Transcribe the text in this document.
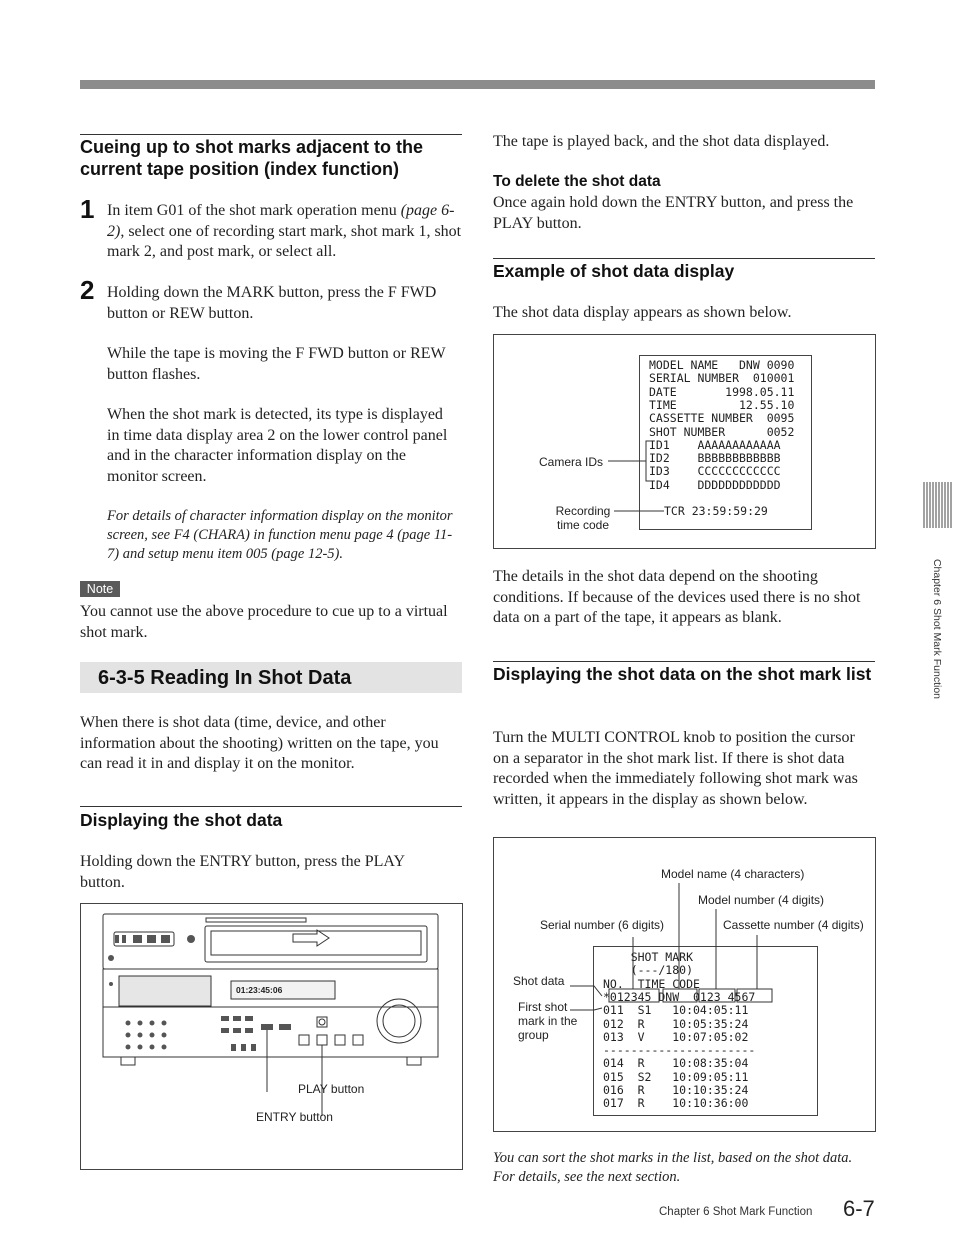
Cueing up to shot marks adjacent to the current tape position (index function)
1 In item G01 of the shot mark operation menu (page 6-2), select one of recording start mark, shot mark 1, shot mark 2, and post mark, or select all.
2 Holding down the MARK button, press the F FWD button or REW button.
While the tape is moving the F FWD button or REW button flashes.
When the shot mark is detected, its type is displayed in time data display area 2 on the lower control panel and in the character information display on the monitor screen.
For details of character information display on the monitor screen, see F4 (CHARA) in function menu page 4 (page 11-7) and setup menu item 005 (page 12-5).
Note
You cannot use the above procedure to cue up to a virtual shot mark.
6-3-5 Reading In Shot Data
When there is shot data (time, device, and other information about the shooting) written on the tape, you can read it in and display it on the monitor.
Displaying the shot data
Holding down the ENTRY button, press the PLAY button.
01:23:45:06
PLAY button
ENTRY button
The tape is played back, and the shot data displayed.
To delete the shot data
Once again hold down the ENTRY button, and press the PLAY button.
Example of shot data display
The shot data display appears as shown below.
MODEL NAME   DNW 0090
SERIAL NUMBER  010001
DATE       1998.05.11
TIME         12.55.10
CASSETTE NUMBER  0095
SHOT NUMBER      0052
ID1    AAAAAAAAAAAA
ID2    BBBBBBBBBBBB
ID3    CCCCCCCCCCCC
ID4    DDDDDDDDDDDD
TCR 23:59:59:29
Camera IDs
Recording time code
The details in the shot data depend on the shooting conditions. If because of the devices used there is no shot data on a part of the tape, it appears as blank.
Displaying the shot data on the shot mark list
Turn the MULTI CONTROL knob to position the cursor on a separator in the shot mark list. If there is shot data recorded when the immediately following shot mark was written, it appears in the display as shown below.
SHOT MARK
(---/180)
NO.  TIME CODE
*012345 DNW  0123 4567
011  S1   10:04:05:11
012  R    10:05:35:24
013  V    10:07:05:02
----------------------
014  R    10:08:35:04
015  S2   10:09:05:11
016  R    10:10:35:24
017  R    10:10:36:00
Model name (4 characters)
Model number (4 digits)
Serial number (6 digits)	Cassette number (4 digits)
Shot data
First shot mark in the group
You can sort the shot marks in the list, based on the shot data. For details, see the next section.
Chapter 6 Shot Mark Function
Chapter 6 Shot Mark Function 6-7
